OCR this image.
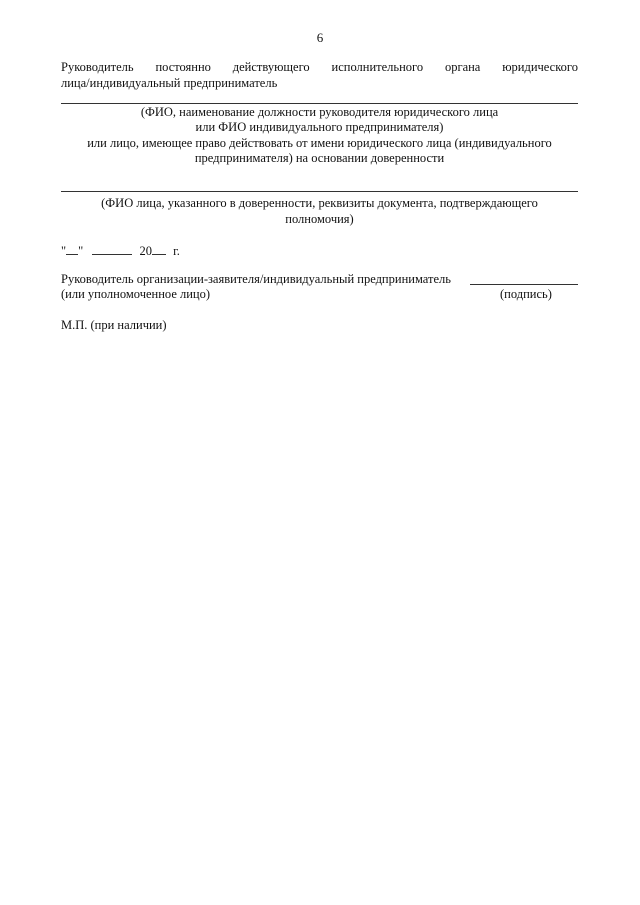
6
Руководитель постоянно действующего исполнительного органа юридического
лица/индивидуальный предприниматель
(ФИО, наименование должности руководителя юридического лица
или ФИО индивидуального предпринимателя)
или лицо, имеющее право действовать от имени юридического лица (индивидуального
предпринимателя) на основании доверенности
(ФИО лица, указанного в доверенности, реквизиты документа, подтверждающего
полномочия)
" "	20 г.
Руководитель организации-заявителя/индивидуальный предприниматель
(или уполномоченное лицо)	(подпись)
М.П. (при наличии)
